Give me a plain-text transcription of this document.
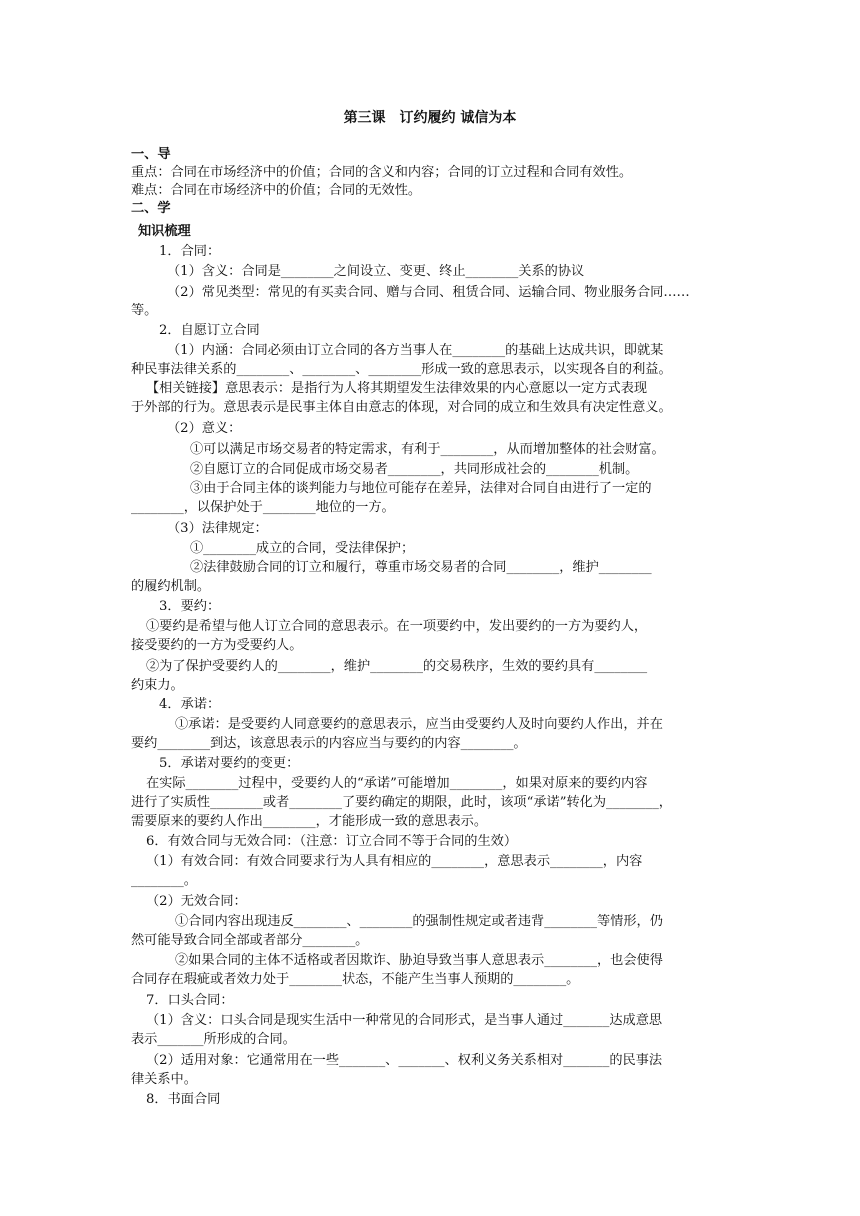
第三课　订约履约 诚信为本
一、导
重点：合同在市场经济中的价值；合同的含义和内容；合同的订立过程和合同有效性。
难点：合同在市场经济中的价值；合同的无效性。
二、学
知识梳理
1．合同：
（1）含义：合同是________之间设立、变更、终止________关系的协议
（2）常见类型：常见的有买卖合同、赠与合同、租赁合同、运输合同、物业服务合同……
等。
2．自愿订立合同
（1）内涵：合同必须由订立合同的各方当事人在________的基础上达成共识，即就某
种民事法律关系的________、________、________形成一致的意思表示，以实现各自的利益。
【相关链接】意思表示：是指行为人将其期望发生法律效果的内心意愿以一定方式表现
于外部的行为。意思表示是民事主体自由意志的体现，对合同的成立和生效具有决定性意义。
（2）意义：
①可以满足市场交易者的特定需求，有利于________，从而增加整体的社会财富。
②自愿订立的合同促成市场交易者________，共同形成社会的________机制。
③由于合同主体的谈判能力与地位可能存在差异，法律对合同自由进行了一定的
________，以保护处于________地位的一方。
（3）法律规定：
①________成立的合同，受法律保护；
②法律鼓励合同的订立和履行，尊重市场交易者的合同________，维护________
的履约机制。
3．要约：
①要约是希望与他人订立合同的意思表示。在一项要约中，发出要约的一方为要约人，
接受要约的一方为受要约人。
②为了保护受要约人的________，维护________的交易秩序，生效的要约具有________
约束力。
4．承诺：
①承诺：是受要约人同意要约的意思表示，应当由受要约人及时向要约人作出，并在
要约________到达，该意思表示的内容应当与要约的内容________。
5．承诺对要约的变更：
在实际________过程中，受要约人的“承诺”可能增加________，如果对原来的要约内容
进行了实质性________或者________了要约确定的期限，此时，该项“承诺”转化为________，
需要原来的要约人作出________，才能形成一致的意思表示。
6．有效合同与无效合同：（注意：订立合同不等于合同的生效）
（1）有效合同：有效合同要求行为人具有相应的________，意思表示________，内容
________。
（2）无效合同：
①合同内容出现违反________、________的强制性规定或者违背________等情形，仍
然可能导致合同全部或者部分________。
②如果合同的主体不适格或者因欺诈、胁迫导致当事人意思表示________，也会使得
合同存在瑕疵或者效力处于________状态，不能产生当事人预期的________。
7．口头合同：
（1）含义：口头合同是现实生活中一种常见的合同形式，是当事人通过_______达成意思
表示_______所形成的合同。
（2）适用对象：它通常用在一些_______、_______、权利义务关系相对_______的民事法
律关系中。
8．书面合同
